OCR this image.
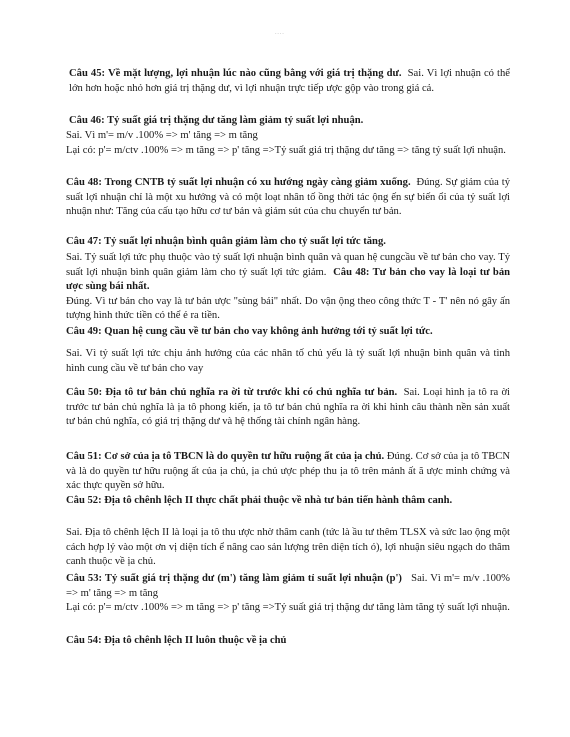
- - - -

Câu 45: Về mặt lượng, lợi nhuận lúc nào cũng bằng với giá trị thặng dư. Sai. Vì lợi nhuận có thể lớn hơn hoặc nhỏ hơn giá trị thặng dư, vì lợi nhuận trực tiếp ược gộp vào trong giá cả.

Câu 46: Tỷ suất giá trị thặng dư tăng làm giảm tỷ suất lợi nhuận.

Sai. Vì m'= m/v .100% => m' tăng => m tăng

Lại có: p'= m/ctv .100% => m tăng => p' tăng =>Tỷ suất giá trị thặng dư tăng => tăng tỷ suất lợi nhuận.

Câu 48: Trong CNTB tỷ suất lợi nhuận có xu hướng ngày càng giảm xuống. Đúng. Sự giảm của tỷ suất lợi nhuận chỉ là một xu hướng và có một loạt nhân tố ồng thời tác ộng ến sự biến ổi của tỷ suất lợi nhuận như: Tăng của cấu tạo hữu cơ tư bản và giảm sút của chu chuyển tư bản.

Câu 47: Tỷ suất lợi nhuận bình quân giảm làm cho tỷ suất lợi tức tăng.

Sai. Tỷ suất lợi tức phụ thuộc vào tỷ suất lợi nhuận bình quân và quan hệ cungcầu về tư bản cho vay. Tỷ suất lợi nhuận bình quân giảm làm cho tỷ suất lợi tức giảm. Câu 48: Tư bản cho vay là loại tư bản ược sùng bái nhất.

Đúng. Vì tư bản cho vay là tư bản ược "sùng bái" nhất. Do vận ộng theo công thức T - T' nên nó gây ấn tượng hình thức tiền có thể ẻ ra tiền.

Câu 49: Quan hệ cung cầu về tư bản cho vay không ảnh hưởng tới tỷ suất lợi tức.

Sai. Vì tỷ suất lợi tức chịu ảnh hưởng của các nhân tố chủ yếu là tỷ suất lợi nhuận bình quân và tình hình cung cầu về tư bản cho vay

Câu 50: Địa tô tư bản chủ nghĩa ra ời từ trước khi có chủ nghĩa tư bản. Sai. Loại hình ịa tô ra ời trước tư bản chủ nghĩa là ịa tô phong kiến, ịa tô tư bản chủ nghĩa ra ời khi hình câu thành nền sản xuất tư bản chủ nghĩa, có giá trị thặng dư và hệ thống tài chính ngân hàng.

Câu 51: Cơ sở của ịa tô TBCN là do quyền tư hữu ruộng ất của ịa chủ. Đúng. Cơ sở của ịa tô TBCN và là do quyền tư hữu ruộng ất của ịa chủ, ịa chủ ược phép thu ịa tô trên mảnh ất ã ược minh chứng và xác thực quyền sở hữu.

Câu 52: Địa tô chênh lệch II thực chất phải thuộc về nhà tư bản tiến hành thâm canh.

Sai. Địa tô chênh lệch II là loại ịa tô thu ược nhờ thâm canh (tức là ầu tư thêm TLSX và sức lao ộng một cách hợp lý vào một ơn vị diện tích ể nâng cao sản lượng trên diện tích ó), lợi nhuận siêu ngạch do thâm canh thuộc về ịa chủ.

Câu 53: Tỷ suất giá trị thặng dư (m') tăng làm giảm tỉ suất lợi nhuận (p') Sai. Vì m'= m/v .100% => m' tăng => m tăng

Lại có: p'= m/ctv .100% => m tăng => p' tăng =>Tỷ suất giá trị thặng dư tăng làm tăng tỷ suất lợi nhuận.

Câu 54: Địa tô chênh lệch II luôn thuộc về ịa chủ
